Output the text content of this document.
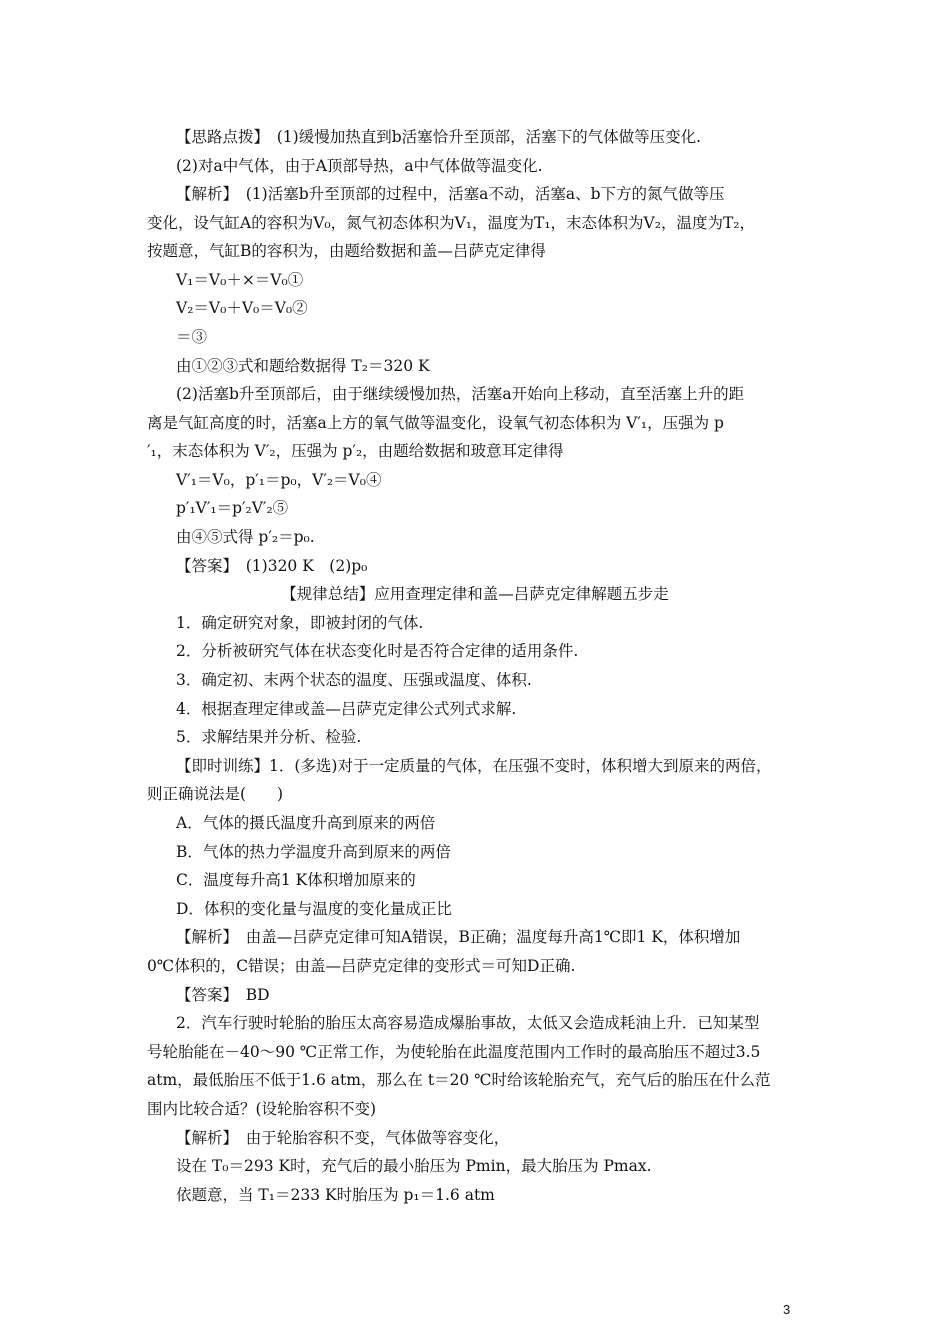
【思路点拨】　(1)缓慢加热直到b活塞恰升至顶部，活塞下的气体做等压变化.
(2)对a中气体，由于A顶部导热，a中气体做等温变化.
【解析】　(1)活塞b升至顶部的过程中，活塞a不动，活塞a、b下方的氮气做等压
变化，设气缸A的容积为V₀，氮气初态体积为V₁，温度为T₁，末态体积为V₂，温度为T₂，
按题意，气缸B的容积为，由题给数据和盖—吕萨克定律得
V₁＝V₀＋×＝V₀①
V₂＝V₀＋V₀＝V₀②
＝③
由①②③式和题给数据得 T₂＝320 K
(2)活塞b升至顶部后，由于继续缓慢加热，活塞a开始向上移动，直至活塞上升的距
离是气缸高度的时，活塞a上方的氧气做等温变化，设氧气初态体积为 V′₁，压强为 p
′₁，末态体积为 V′₂，压强为 p′₂，由题给数据和玻意耳定律得
V′₁＝V₀，p′₁＝p₀，V′₂＝V₀④
p′₁V′₁＝p′₂V′₂⑤
由④⑤式得 p′₂＝p₀.
【答案】　(1)320 K　(2)p₀
【规律总结】应用查理定律和盖—吕萨克定律解题五步走
1．确定研究对象，即被封闭的气体.
2．分析被研究气体在状态变化时是否符合定律的适用条件.
3．确定初、末两个状态的温度、压强或温度、体积.
4．根据查理定律或盖—吕萨克定律公式列式求解.
5．求解结果并分析、检验.
【即时训练】1．(多选)对于一定质量的气体，在压强不变时，体积增大到原来的两倍，
则正确说法是(　　)
A．气体的摄氏温度升高到原来的两倍
B．气体的热力学温度升高到原来的两倍
C．温度每升高1 K体积增加原来的
D．体积的变化量与温度的变化量成正比
【解析】　由盖—吕萨克定律可知A错误，B正确；温度每升高1℃即1 K，体积增加
0℃体积的，C错误；由盖—吕萨克定律的变形式＝可知D正确.
【答案】　BD
2．汽车行驶时轮胎的胎压太高容易造成爆胎事故，太低又会造成耗油上升．已知某型
号轮胎能在－40～90 ℃正常工作，为使轮胎在此温度范围内工作时的最高胎压不超过3.5
atm，最低胎压不低于1.6 atm，那么在 t＝20 ℃时给该轮胎充气，充气后的胎压在什么范
围内比较合适？(设轮胎容积不变)
【解析】　由于轮胎容积不变，气体做等容变化，
设在 T₀＝293 K时，充气后的最小胎压为 Pmin，最大胎压为 Pmax.
依题意，当 T₁＝233 K时胎压为 p₁＝1.6 atm
3
